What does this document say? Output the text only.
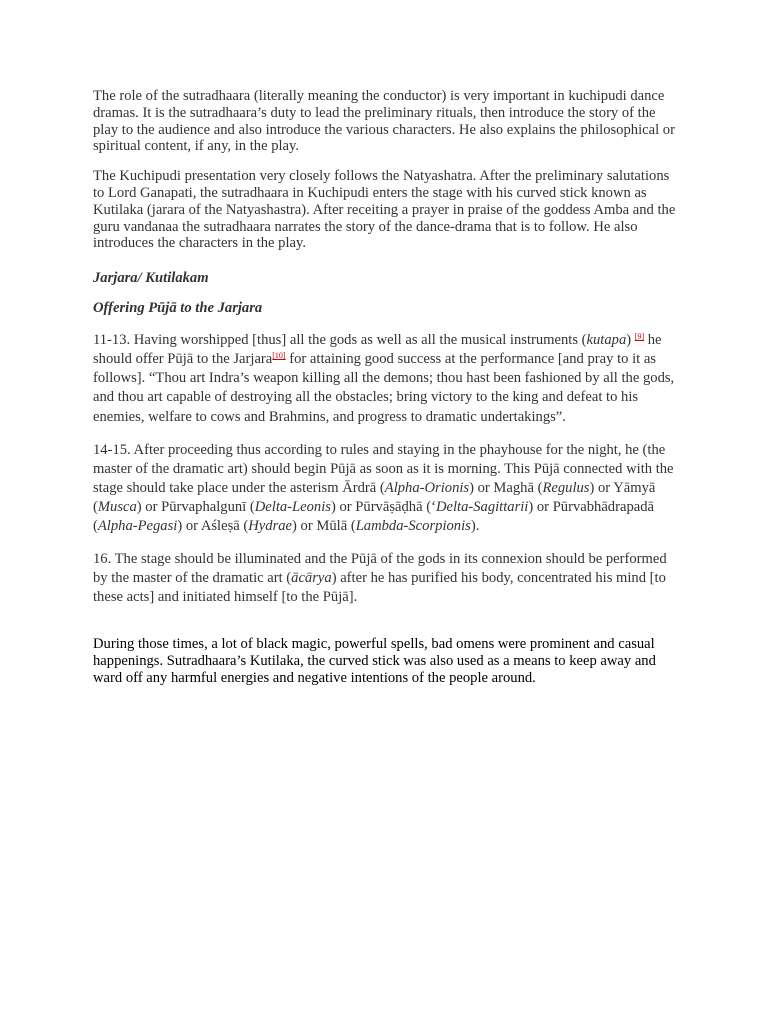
The role of the sutradhaara (literally meaning the conductor) is very important in kuchipudi dance dramas. It is the sutradhaara’s duty to lead the preliminary rituals, then introduce the story of the play to the audience and also introduce the various characters. He also explains the philosophical or spiritual content, if any, in the play.

The Kuchipudi presentation very closely follows the Natyashatra. After the preliminary salutations to Lord Ganapati, the sutradhaara in Kuchipudi enters the stage with his curved stick known as Kutilaka (jarara of the Natyashastra). After receiting a prayer in praise of the goddess Amba and the guru vandanaa the sutradhaara narrates the story of the dance-drama that is to follow. He also introduces the characters in the play.

Jarjara/ Kutilakam

Offering Pūjā to the Jarjara

11-13. Having worshipped [thus] all the gods as well as all the musical instruments (kutapa) [9] he should offer Pūjā to the Jarjara[10] for attaining good success at the performance [and pray to it as follows]. “Thou art Indra’s weapon killing all the demons; thou hast been fashioned by all the gods, and thou art capable of destroying all the obstacles; bring victory to the king and defeat to his enemies, welfare to cows and Brahmins, and progress to dramatic undertakings”.

14-15. After proceeding thus according to rules and staying in the phayhouse for the night, he (the master of the dramatic art) should begin Pūjā as soon as it is morning. This Pūjā connected with the stage should take place under the asterism Ārdrā (Alpha-Orionis) or Maghā (Regulus) or Yāmyā (Musca) or Pūrvaphalgunī (Delta-Leonis) or Pūrvāṣāḍhā (‘Delta-Sagittarii) or Pūrvabhādrapadā (Alpha-Pegasi) or Aśleṣā (Hydrae) or Mūlā (Lambda-Scorpionis).

16. The stage should be illuminated and the Pūjā of the gods in its connexion should be performed by the master of the dramatic art (ācārya) after he has purified his body, concentrated his mind [to these acts] and initiated himself [to the Pūjā].

During those times, a lot of black magic, powerful spells, bad omens were prominent and casual happenings. Sutradhaara’s Kutilaka, the curved stick was also used as a means to keep away and ward off any harmful energies and negative intentions of the people around.
